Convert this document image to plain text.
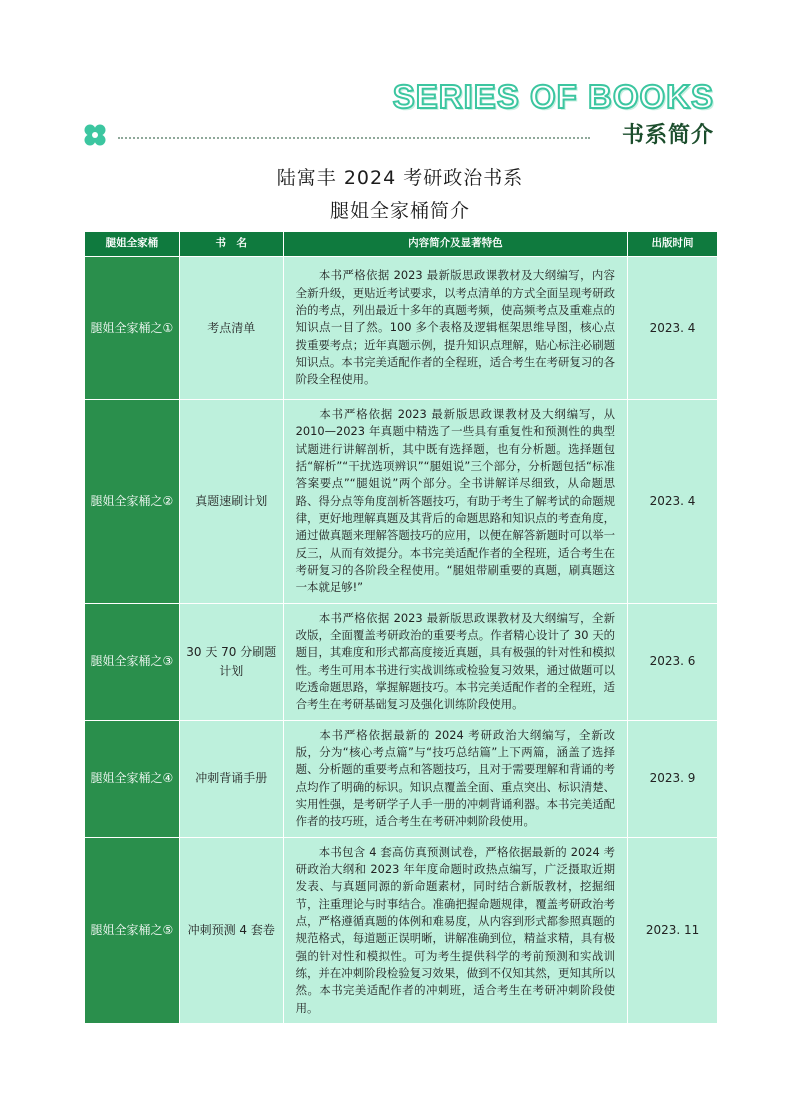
SERIES OF BOOKS
书系简介
陆寓丰 2024 考研政治书系
腿姐全家桶简介
腿姐全家桶	书　名	内容简介及显著特色	出版时间
腿姐全家桶之①	考点清单	本书严格依据 2023 最新版思政课教材及大纲编写，内容全新升级，更贴近考试要求，以考点清单的方式全面呈现考研政治的考点，列出最近十多年的真题考频，使高频考点及重难点的知识点一目了然。100 多个表格及逻辑框架思维导图，核心点拨重要考点；近年真题示例，提升知识点理解，贴心标注必刷题知识点。本书完美适配作者的全程班，适合考生在考研复习的各阶段全程使用。	2023. 4
腿姐全家桶之②	真题速刷计划	本书严格依据 2023 最新版思政课教材及大纲编写，从 2010—2023 年真题中精选了一些具有重复性和预测性的典型试题进行讲解剖析，其中既有选择题，也有分析题。选择题包括“解析”“干扰选项辨识”“腿姐说”三个部分，分析题包括“标准答案要点”“腿姐说”两个部分。全书讲解详尽细致，从命题思路、得分点等角度剖析答题技巧，有助于考生了解考试的命题规律，更好地理解真题及其背后的命题思路和知识点的考查角度，通过做真题来理解答题技巧的应用，以便在解答新题时可以举一反三，从而有效提分。本书完美适配作者的全程班，适合考生在考研复习的各阶段全程使用。“腿姐带刷重要的真题，刷真题这一本就足够!”	2023. 4
腿姐全家桶之③	30 天 70 分刷题计划	本书严格依据 2023 最新版思政课教材及大纲编写，全新改版，全面覆盖考研政治的重要考点。作者精心设计了 30 天的题目，其难度和形式都高度接近真题，具有极强的针对性和模拟性。考生可用本书进行实战训练或检验复习效果，通过做题可以吃透命题思路，掌握解题技巧。本书完美适配作者的全程班，适合考生在考研基础复习及强化训练阶段使用。	2023. 6
腿姐全家桶之④	冲刺背诵手册	本书严格依据最新的 2024 考研政治大纲编写，全新改版，分为“核心考点篇”与“技巧总结篇”上下两篇，涵盖了选择题、分析题的重要考点和答题技巧，且对于需要理解和背诵的考点均作了明确的标识。知识点覆盖全面、重点突出、标识清楚、实用性强，是考研学子人手一册的冲刺背诵利器。本书完美适配作者的技巧班，适合考生在考研冲刺阶段使用。	2023. 9
腿姐全家桶之⑤	冲刺预测 4 套卷	本书包含 4 套高仿真预测试卷，严格依据最新的 2024 考研政治大纲和 2023 年年度命题时政热点编写，广泛摄取近期发表、与真题同源的新命题素材，同时结合新版教材，挖掘细节，注重理论与时事结合。准确把握命题规律，覆盖考研政治考点，严格遵循真题的体例和难易度，从内容到形式都参照真题的规范格式，每道题正误明晰，讲解准确到位，精益求精，具有极强的针对性和模拟性。可为考生提供科学的考前预测和实战训练，并在冲刺阶段检验复习效果，做到不仅知其然，更知其所以然。本书完美适配作者的冲刺班，适合考生在考研冲刺阶段使用。	2023. 11
